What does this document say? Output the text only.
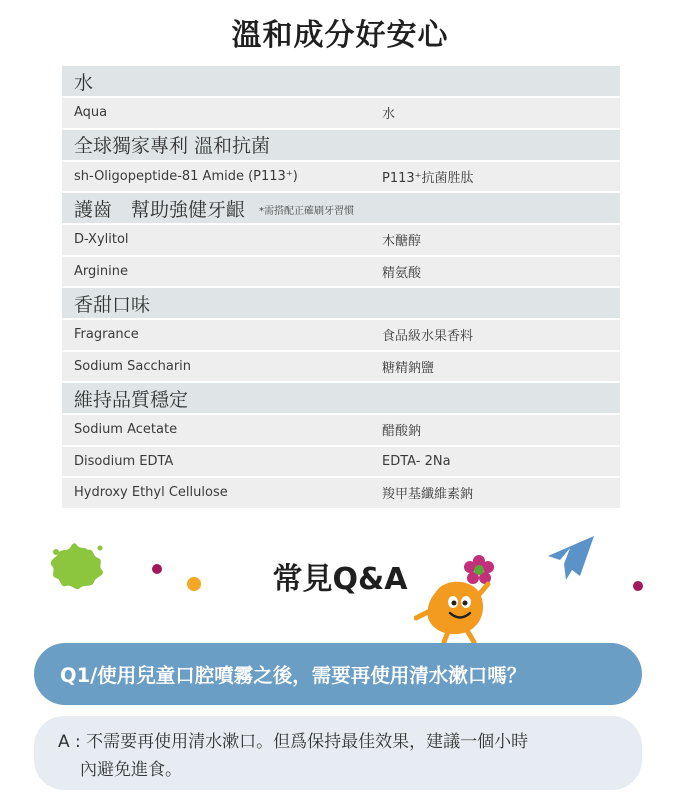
溫和成分好安心
水
Aqua	水
全球獨家專利 溫和抗菌
sh-Oligopeptide-81 Amide (P113⁺)	P113⁺抗菌胜肽
護齒　幫助強健牙齦 *需搭配正確刷牙習慣
D-Xylitol	木醣醇
Arginine	精氨酸
香甜口味
Fragrance	食品級水果香料
Sodium Saccharin	糖精鈉鹽
維持品質穩定
Sodium Acetate	醋酸鈉
Disodium EDTA	EDTA- 2Na
Hydroxy Ethyl Cellulose	羧甲基纖維素鈉
常見Q&A
Q1/使用兒童口腔噴霧之後，需要再使用清水漱口嗎？
A : 不需要再使用清水漱口。但爲保持最佳效果，建議一個小時
內避免進食。
